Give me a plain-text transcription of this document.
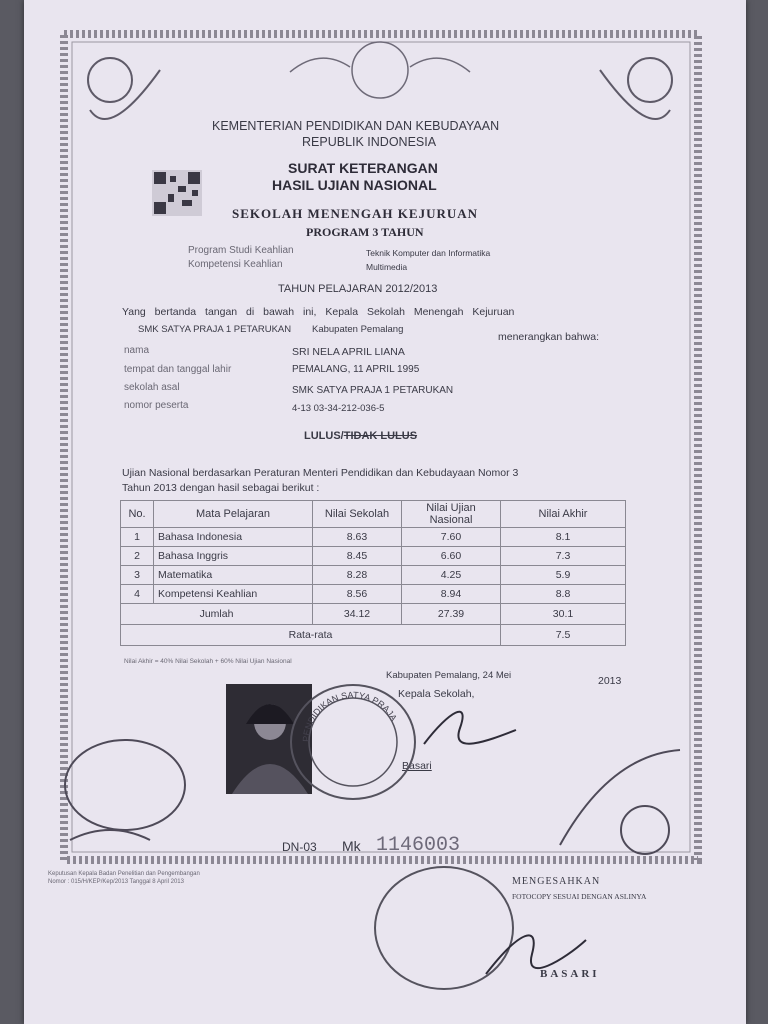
KEMENTERIAN PENDIDIKAN DAN KEBUDAYAAN

REPUBLIK INDONESIA

SURAT KETERANGAN

HASIL UJIAN NASIONAL

SEKOLAH MENENGAH KEJURUAN

PROGRAM 3 TAHUN

Program Studi Keahlian	Teknik Komputer dan Informatika

Kompetensi Keahlian	Multimedia

TAHUN PELAJARAN 2012/2013

Yang bertanda tangan di bawah ini, Kepala Sekolah Menengah Kejuruan

SMK SATYA PRAJA 1 PETARUKAN Kabupaten Pemalang

menerangkan bahwa:

nama	SRI NELA APRIL LIANA

tempat dan tanggal lahir	PEMALANG, 11 APRIL 1995

sekolah asal	SMK SATYA PRAJA 1 PETARUKAN

nomor peserta	4-13 03-34-212-036-5

LULUS/TIDAK LULUS

Ujian Nasional berdasarkan Peraturan Menteri Pendidikan dan Kebudayaan Nomor 3

Tahun 2013 dengan hasil sebagai berikut :

No.	Mata Pelajaran	Nilai Sekolah	Nilai Ujian Nasional	Nilai Akhir
1	Bahasa Indonesia	8.63	7.60	8.1
2	Bahasa Inggris	8.45	6.60	7.3
3	Matematika	8.28	4.25	5.9
4	Kompetensi Keahlian	8.56	8.94	8.8
Jumlah		34.12	27.39	30.1
Rata-rata				7.5

Nilai Akhir = 40% Nilai Sekolah + 60% Nilai Ujian Nasional

Kabupaten Pemalang, 24 Mei	2013

Kepala Sekolah,

Basari

PENDIDIKAN SATYA PRAJA

DN-03 Mk 1146003

Keputusan Kepala Badan Penelitian dan Pengembangan

Nomor : 015/H/KEP/Kep/2013 Tanggal 8 April 2013	MENGESAHKAN

FOTOCOPY SESUAI DENGAN ASLINYA

BASARI
